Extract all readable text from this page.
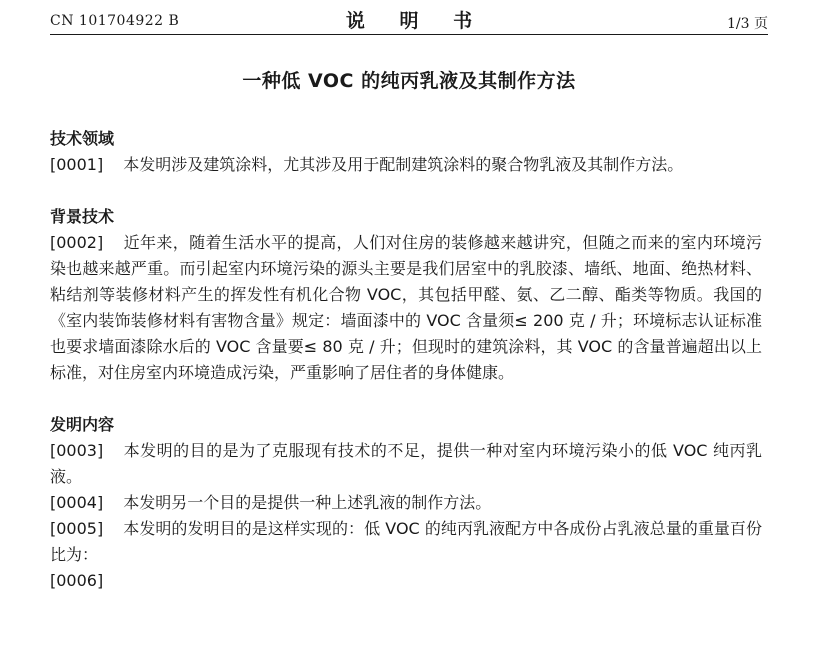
CN 101704922 B	说 明 书	1/3 页
一种低 VOC 的纯丙乳液及其制作方法

技术领域

[0001] 本发明涉及建筑涂料，尤其涉及用于配制建筑涂料的聚合物乳液及其制作方法。

背景技术

[0002] 近年来，随着生活水平的提高，人们对住房的装修越来越讲究，但随之而来的室内环境污染也越来越严重。而引起室内环境污染的源头主要是我们居室中的乳胶漆、墙纸、地面、绝热材料、粘结剂等装修材料产生的挥发性有机化合物 VOC，其包括甲醛、氨、乙二醇、酯类等物质。我国的《室内装饰装修材料有害物含量》规定：墙面漆中的 VOC 含量须≤ 200 克 / 升；环境标志认证标准也要求墙面漆除水后的 VOC 含量要≤ 80 克 / 升；但现时的建筑涂料，其 VOC 的含量普遍超出以上标准，对住房室内环境造成污染，严重影响了居住者的身体健康。

发明内容

[0003] 本发明的目的是为了克服现有技术的不足，提供一种对室内环境污染小的低 VOC 纯丙乳液。

[0004] 本发明另一个目的是提供一种上述乳液的制作方法。

[0005] 本发明的发明目的是这样实现的：低 VOC 的纯丙乳液配方中各成份占乳液总量的重量百份比为：

[0006]
